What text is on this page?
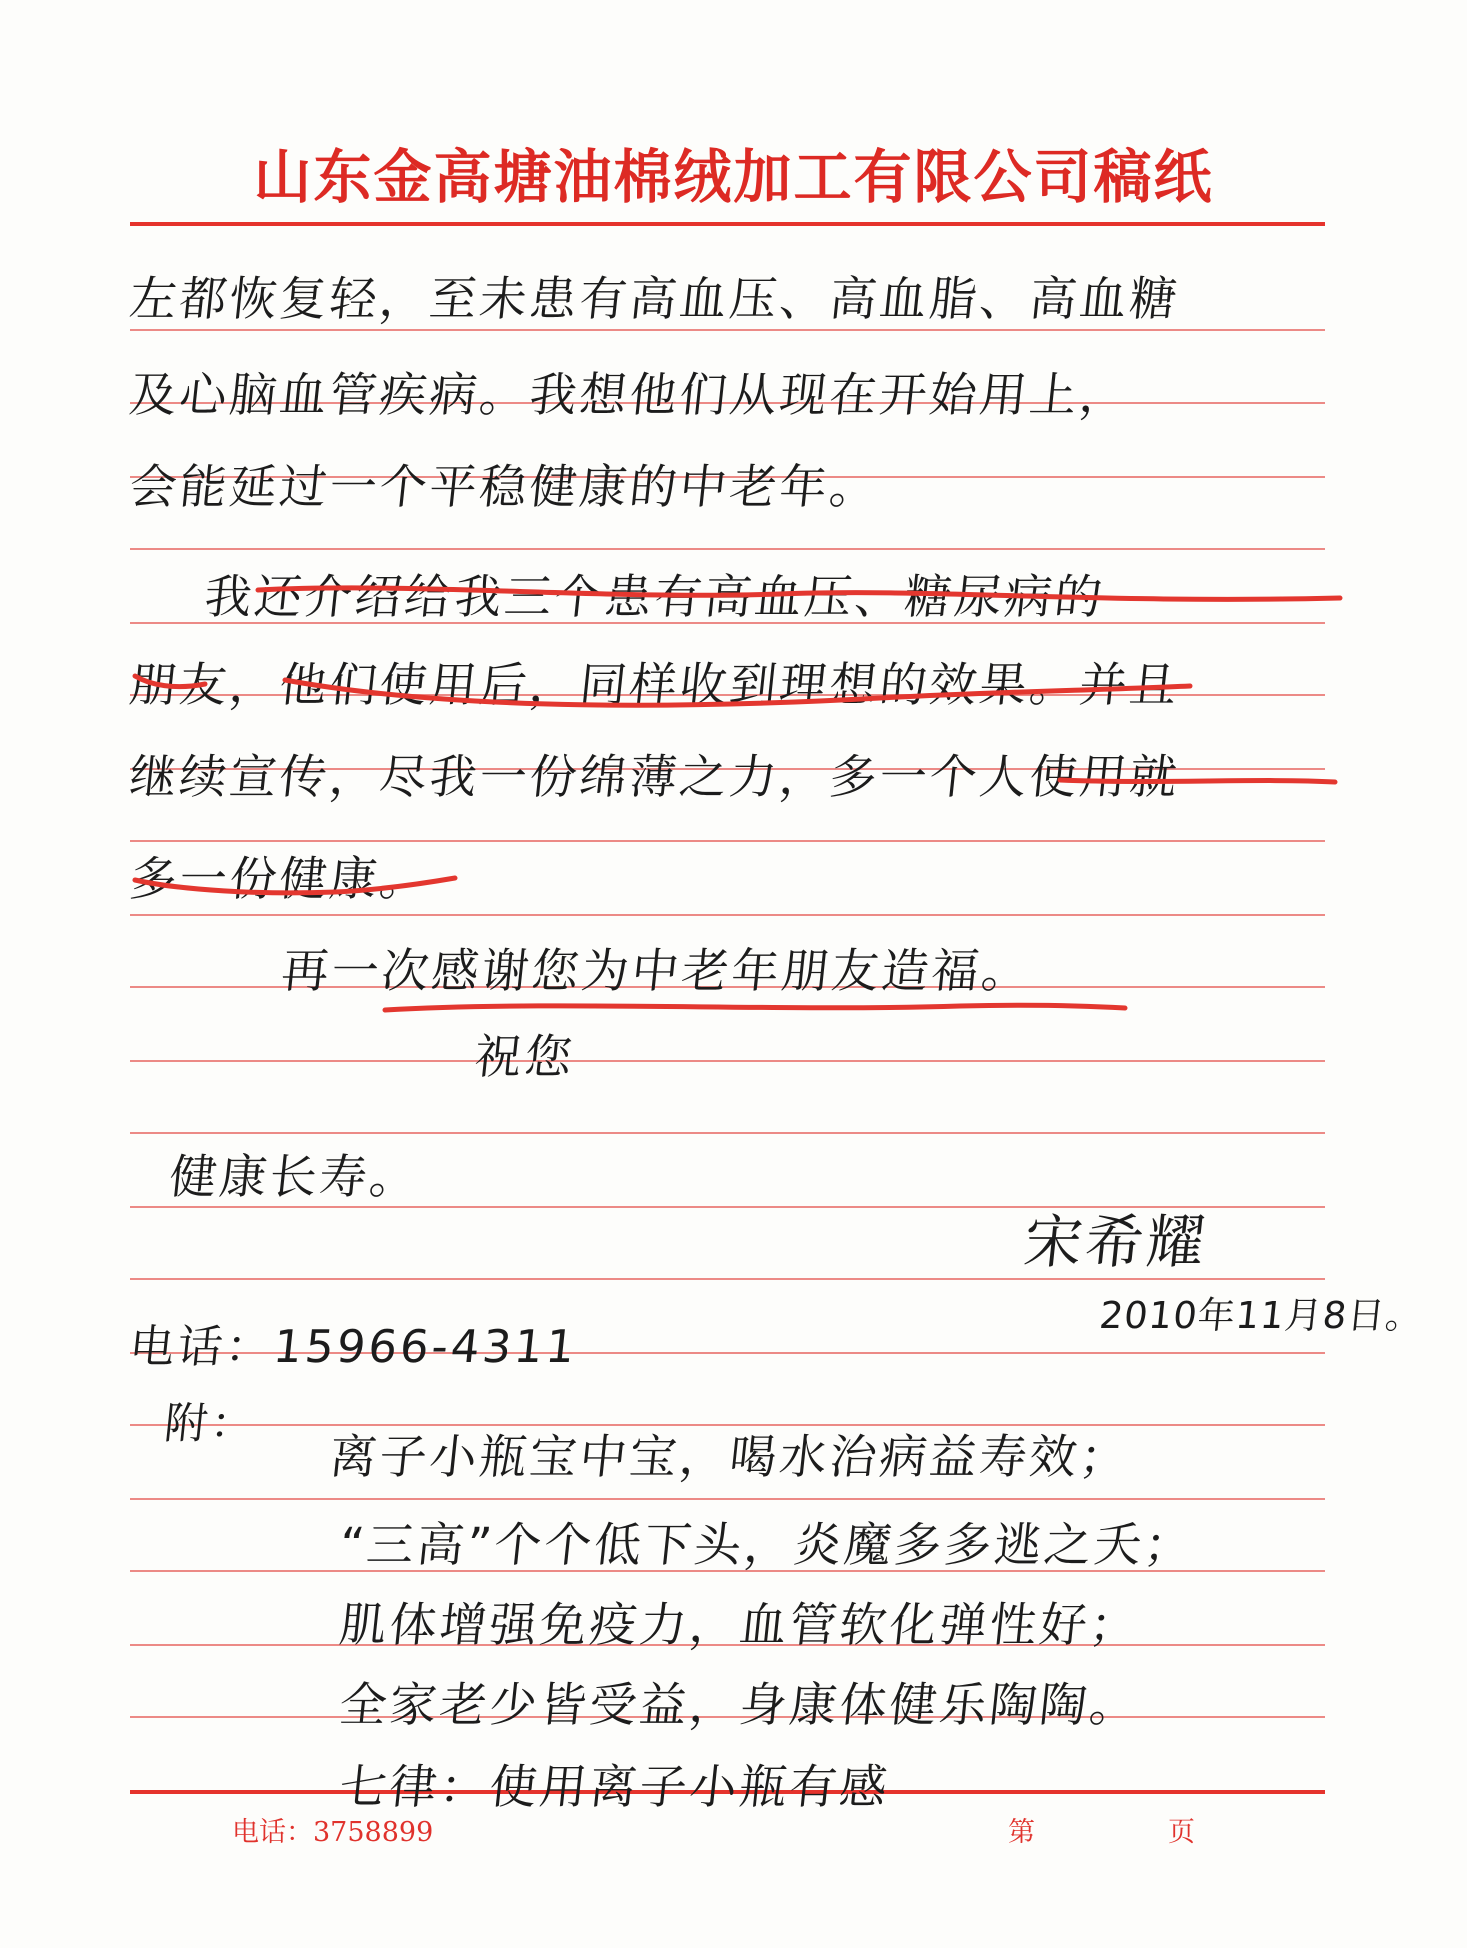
山东金高塘油棉绒加工有限公司稿纸
左都恢复轻，至未患有高血压、高血脂、高血糖
及心脑血管疾病。我想他们从现在开始用上，
会能延过一个平稳健康的中老年。
我还介绍给我三个患有高血压、糖尿病的
朋友，他们使用后，同样收到理想的效果。并且
继续宣传，尽我一份绵薄之力，多一个人使用就
多一份健康。
再一次感谢您为中老年朋友造福。
祝您
健康长寿。
宋希耀
2010年11月8日。
电话：15966-4311
附：
离子小瓶宝中宝，喝水治病益寿效；
“三高”个个低下头，炎魔多多逃之夭；
肌体增强免疫力，血管软化弹性好；
全家老少皆受益，身康体健乐陶陶。
七律：使用离子小瓶有感
电话：3758899	第	页
